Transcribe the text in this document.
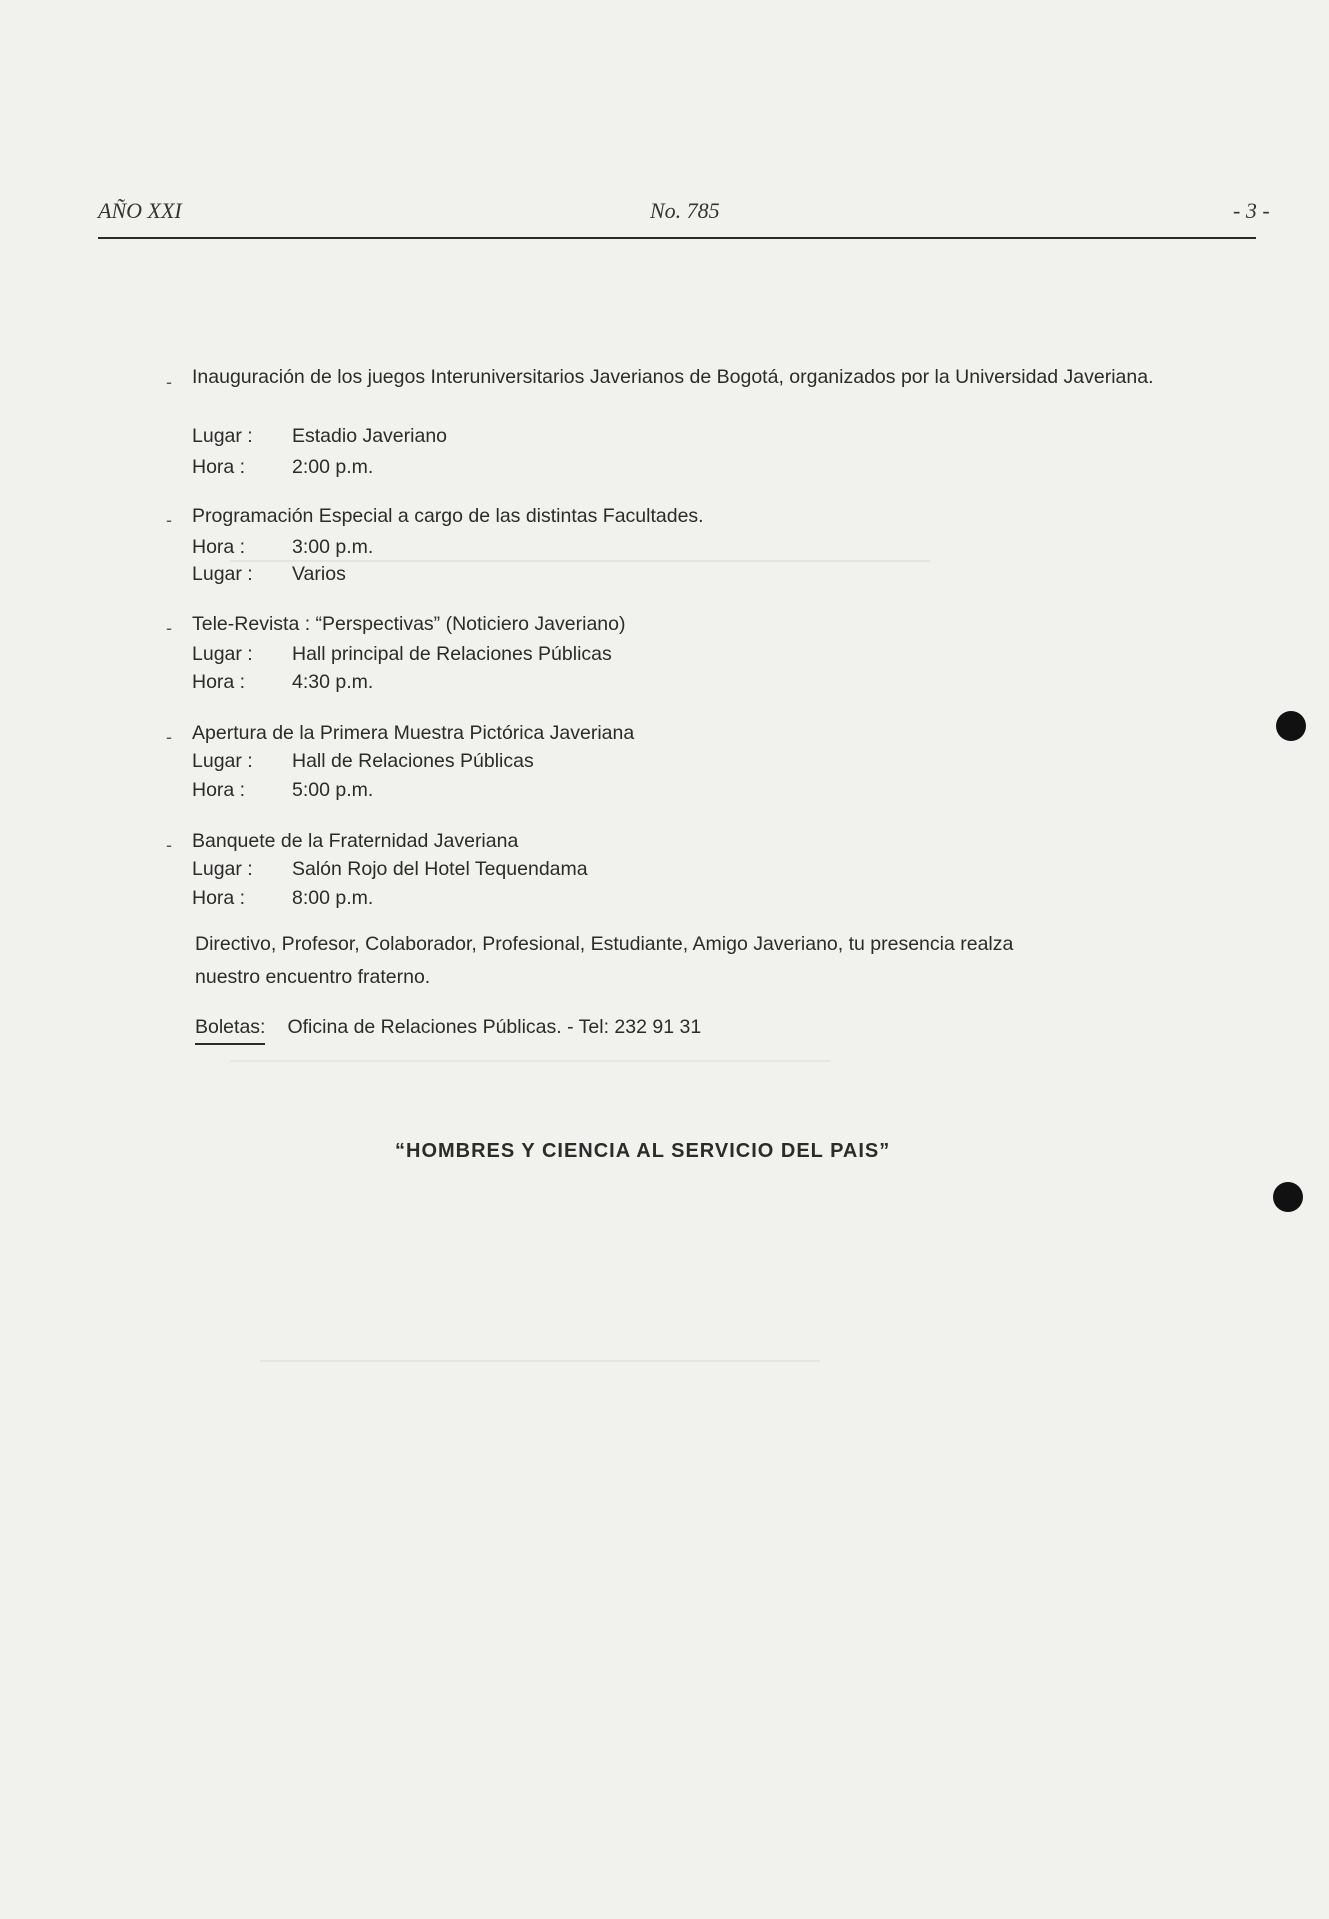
AÑO XXI	No. 785	- 3 -
- Inauguración de los juegos Interuniversitarios Javerianos de Bogotá, organizados por la Universidad Javeriana.
Lugar : Estadio Javeriano
Hora : 2:00 p.m.
- Programación Especial a cargo de las distintas Facultades.
Hora : 3:00 p.m.
Lugar : Varios
- Tele-Revista : “Perspectivas” (Noticiero Javeriano)
Lugar : Hall principal de Relaciones Públicas
Hora : 4:30 p.m.
- Apertura de la Primera Muestra Pictórica Javeriana
Lugar : Hall de Relaciones Públicas
Hora : 5:00 p.m.
- Banquete de la Fraternidad Javeriana
Lugar : Salón Rojo del Hotel Tequendama
Hora : 8:00 p.m.
Directivo, Profesor, Colaborador, Profesional, Estudiante, Amigo Javeriano, tu presencia realza
nuestro encuentro fraterno.
Boletas: Oficina de Relaciones Públicas. - Tel: 232 91 31
“HOMBRES Y CIENCIA AL SERVICIO DEL PAIS”
